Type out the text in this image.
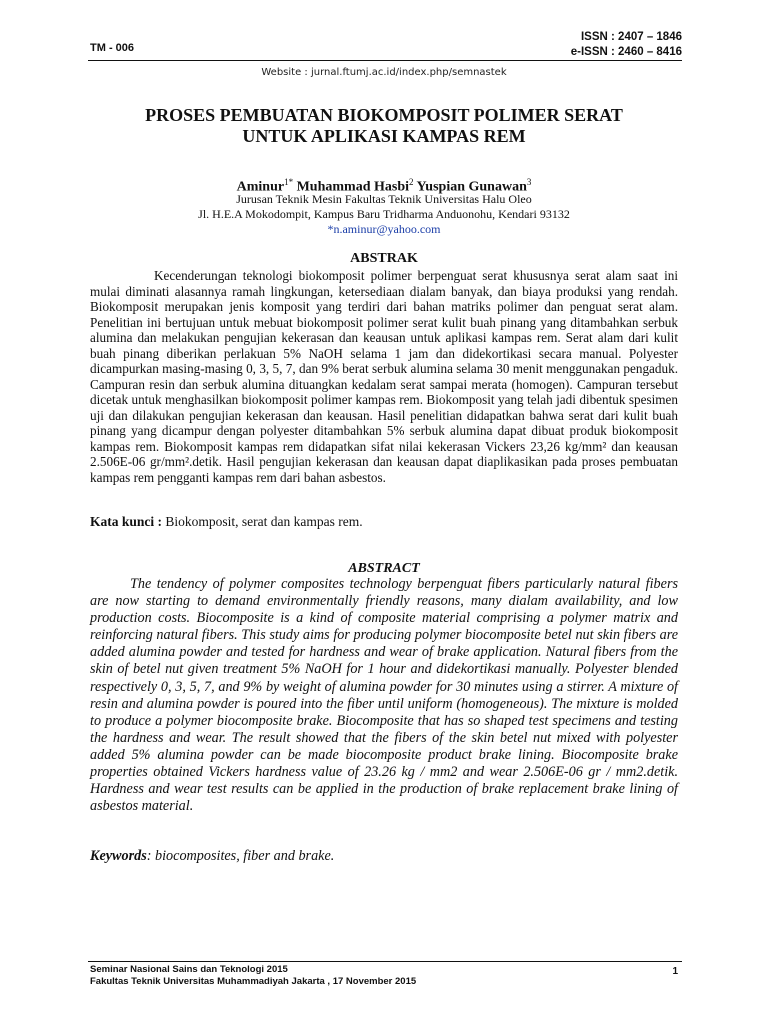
TM - 006
ISSN : 2407 – 1846
e-ISSN : 2460 – 8416
Website : jurnal.ftumj.ac.id/index.php/semnastek
PROSES PEMBUATAN BIOKOMPOSIT POLIMER SERAT
UNTUK APLIKASI KAMPAS REM
Aminur$^{1*}$ Muhammad Hasbi$^2$ Yuspian Gunawan$^3$
Jurusan Teknik Mesin Fakultas Teknik Universitas Halu Oleo
Jl. H.E.A Mokodompit, Kampus Baru Tridharma Anduonohu, Kendari 93132
*n.aminur@yahoo.com
ABSTRAK

Kecenderungan teknologi biokomposit polimer berpenguat serat khususnya serat alam saat ini mulai diminati alasannya ramah lingkungan, ketersediaan dialam banyak, dan biaya produksi yang rendah. Biokomposit merupakan jenis komposit yang terdiri dari bahan matriks polimer dan penguat serat alam. Penelitian ini bertujuan untuk mebuat biokomposit polimer serat kulit buah pinang yang ditambahkan serbuk alumina dan melakukan pengujian kekerasan dan keausan untuk aplikasi kampas rem. Serat alam dari kulit buah pinang diberikan perlakuan 5% NaOH selama 1 jam dan didekortikasi secara manual. Polyester dicampurkan masing-masing 0, 3, 5, 7, dan 9% berat serbuk alumina selama 30 menit menggunakan pengaduk. Campuran resin dan serbuk alumina dituangkan kedalam serat sampai merata (homogen). Campuran tersebut dicetak untuk menghasilkan biokomposit polimer kampas rem. Biokomposit yang telah jadi dibentuk spesimen uji dan dilakukan pengujian kekerasan dan keausan. Hasil penelitian didapatkan bahwa serat dari kulit buah pinang yang dicampur dengan polyester ditambahkan 5% serbuk alumina dapat dibuat produk biokomposit kampas rem. Biokomposit kampas rem didapatkan sifat nilai kekerasan Vickers 23,26 kg/mm² dan keausan 2.506E-06 gr/mm².detik. Hasil pengujian kekerasan dan keausan dapat diaplikasikan pada proses pembuatan kampas rem pengganti kampas rem dari bahan asbestos.

Kata kunci : Biokomposit, serat dan kampas rem.
ABSTRACT

The tendency of polymer composites technology berpenguat fibers particularly natural fibers are now starting to demand environmentally friendly reasons, many dialam availability, and low production costs. Biocomposite is a kind of composite material comprising a polymer matrix and reinforcing natural fibers. This study aims for producing polymer biocomposite betel nut skin fibers are added alumina powder and tested for hardness and wear of brake application. Natural fibers from the skin of betel nut given treatment 5% NaOH for 1 hour and didekortikasi manually. Polyester blended respectively 0, 3, 5, 7, and 9% by weight of alumina powder for 30 minutes using a stirrer. A mixture of resin and alumina powder is poured into the fiber until uniform (homogeneous). The mixture is molded to produce a polymer biocomposite brake. Biocomposite that has so shaped test specimens and testing the hardness and wear. The result showed that the fibers of the skin betel nut mixed with polyester added 5% alumina powder can be made biocomposite product brake lining. Biocomposite brake properties obtained Vickers hardness value of 23.26 kg / mm2 and wear 2.506E-06 gr / mm2.detik. Hardness and wear test results can be applied in the production of brake replacement brake lining of asbestos material.

Keywords: biocomposites, fiber and brake.
Seminar Nasional Sains dan Teknologi 2015
Fakultas Teknik Universitas Muhammadiyah Jakarta , 17 November 2015
1
